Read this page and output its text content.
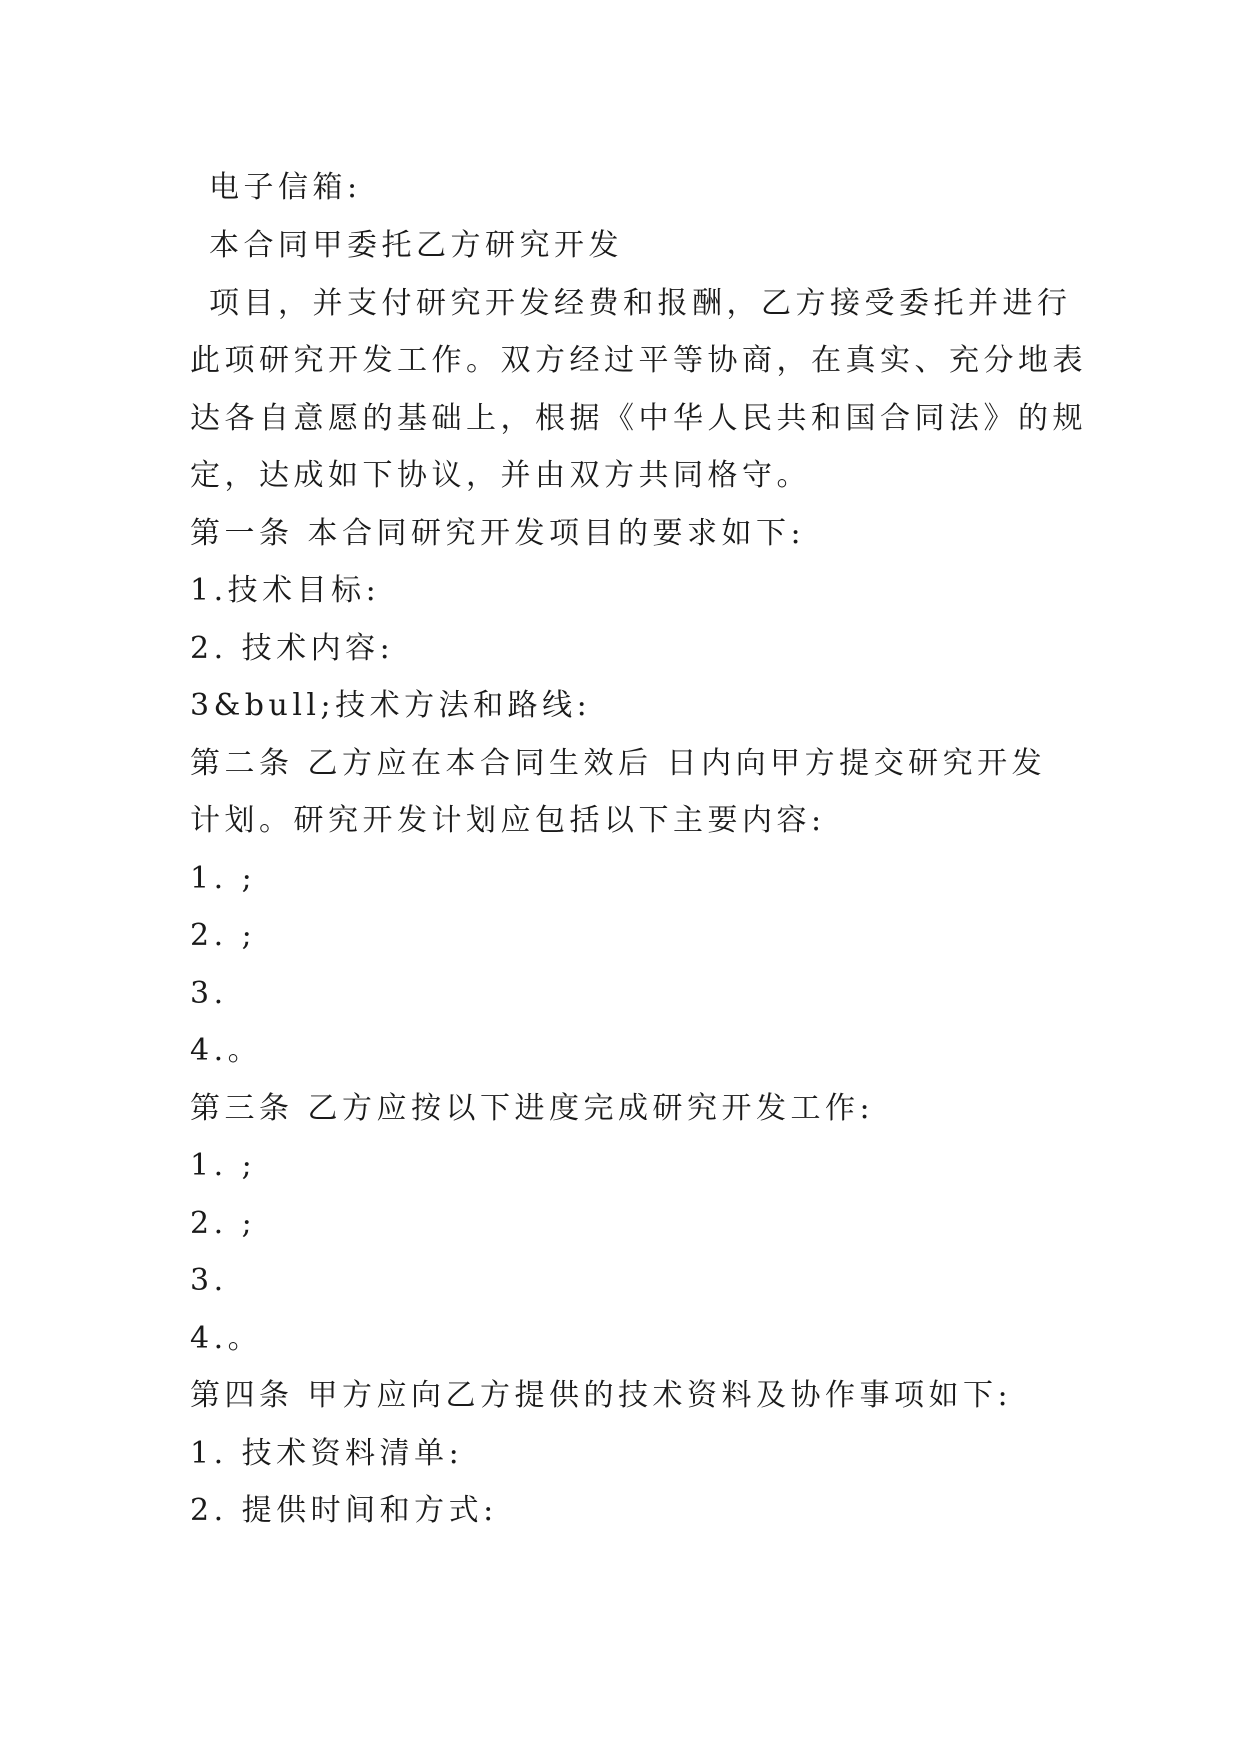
电子信箱:
本合同甲委托乙方研究开发
项目，并支付研究开发经费和报酬，乙方接受委托并进行
此项研究开发工作。双方经过平等协商，在真实、充分地表
达各自意愿的基础上，根据《中华人民共和国合同法》的规
定，达成如下协议，并由双方共同格守。
第一条 本合同研究开发项目的要求如下:
1.技术目标:
2. 技术内容:
3&bull;技术方法和路线:
第二条 乙方应在本合同生效后 日内向甲方提交研究开发
计划。研究开发计划应包括以下主要内容:
1. ;
2. ;
3.
4.。
第三条 乙方应按以下进度完成研究开发工作:
1. ;
2. ;
3.
4.。
第四条 甲方应向乙方提供的技术资料及协作事项如下:
1. 技术资料清单:
2. 提供时间和方式:
